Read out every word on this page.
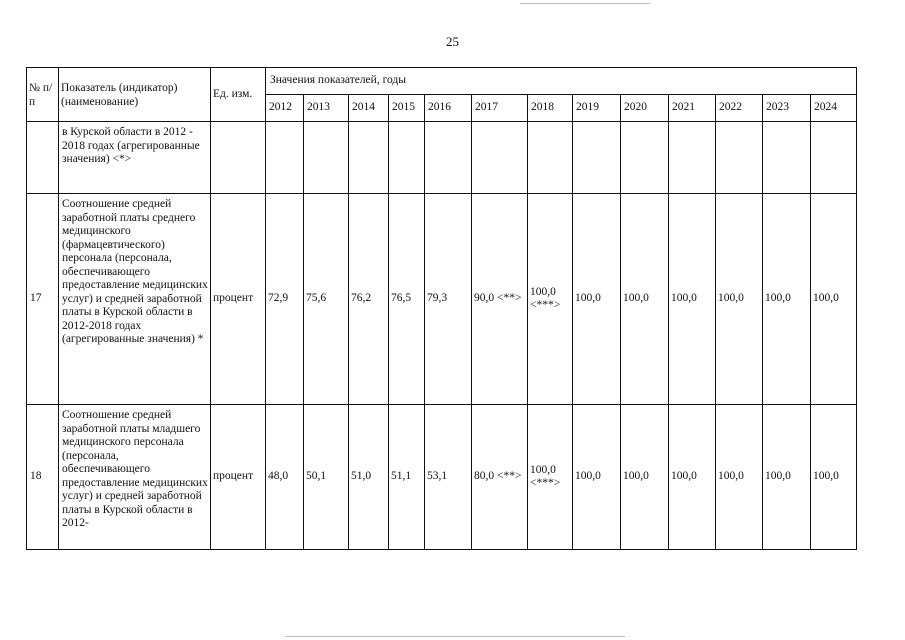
25
№ п/п	Показатель (индикатор) (наименование)	Ед. изм.	Значения показателей, годы												
			2012	2013	2014	2015	2016	2017	2018	2019	2020	2021	2022	2023	2024
	в Курской области в 2012 - 2018 годах (агрегированные значения) <*>														
17	Соотношение средней заработной платы среднего медицинского (фармацевтического) персонала (персонала, обеспечивающего предоставление медицинских услуг) и средней заработной платы в Курской области в 2012-2018 годах (агрегированные значения) *	процент	72,9	75,6	76,2	76,5	79,3	90,0 <**>	100,0 <***>	100,0	100,0	100,0	100,0	100,0	100,0
18	Соотношение средней заработной платы младшего медицинского персонала (персонала, обеспечивающего предоставление медицинских услуг) и средней заработной платы в Курской области в 2012-	процент	48,0	50,1	51,0	51,1	53,1	80,0 <**>	100,0 <***>	100,0	100,0	100,0	100,0	100,0	100,0
